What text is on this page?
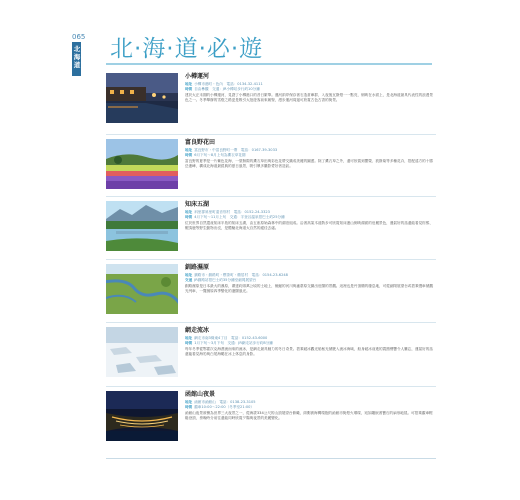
065
北海道
北·海·道·必·遊
小樽運河
地址 小樽市港町・色內　電話：0134-32-4111
時間 自由參觀　交通：JR小樽站步行約10分鐘
建於大正末期的小樽運河，見證了小樽港口的昔日繁華。運河兩岸保存著石造倉庫群，入夜後瓦斯燈一一點亮，倒映在水面上，是北海道最具代表性的浪漫景色之一。冬季舉辦的雪燈之路更是吸引大批遊客前來朝聖，漫步運河周邊可欣賞古色古香的街景。
富良野花田
地址 富良野市・中富良野町一帶　電話：0167-39-3033
時間 6月下旬～8月上旬為薰衣草花期
富良野的夏季是一片紫色花海，一望無際的薰衣草田與彩色花帶交織成美麗的圖畫。除了薰衣草之外，還可欣賞到罌粟、波斯菊等多種花卉，搭配遠方的十勝岳連峰，構成北海道最經典的夏日風景，吸引眾多攝影愛好者造訪。
知床五湖
地址 斜里郡斜里町遠音別村　電話：0152-24-3323
時間 4月下旬～11月上旬　交通：宇登呂溫泉搭巴士約25分鐘
位於世界自然遺產知床半島的知床五湖，由五座原始森林中的湖泊組成。沿著高架木道散步可欣賞知床連山倒映湖面的壯麗景色，運氣好的話還能看見棕熊、蝦夷鹿等野生動物出沒，是體驗北海道大自然的絕佳去處。
釧路濕原
地址 釧路市・釧路町・標茶町・鶴居村　電話：0154-23-6248
交通 JR釧路站搭巴士約35分鐘至細岡展望台
釧路濕原是日本最大的濕原，廣達約兩萬公頃的土地上，蜿蜒的河川與蘆葦原交織出壯闊的景觀。這裡也是丹頂鶴的棲息地，可從細岡展望台或搭乘慢車號觀光列車，一覽濕原四季變化的遼闊風光。
網走流冰
地址 網走市南3條東4丁目　電話：0152-43-6000
時間 1月下旬～3月下旬　交通：JR網走站步行約8分鐘
每年冬季從鄂霍次克海漂流而來的流冰，是網走最具魅力的冬日奇景。搭乘破冰觀光船極光號駛入流冰海域，船身破冰前進的震撼聲響令人難忘，運氣好的話還能看見海豹與白尾海鵰在冰上休息的身影。
函館山夜景
地址 函館市函館山　電話：0138-23-3105
時間 纜車10:00～22:00（冬季至21:00）
函館山夜景被譽為世界三大夜景之一，從海拔334公尺的山頂展望台俯瞰，兩側被海灣環抱的函館市街燈火璀璨，宛如鑲嵌著寶石的扇形地毯。可搭乘纜車輕鬆登頂，傍晚時分前往還能同時欣賞夕陽與夜景的美麗變化。
